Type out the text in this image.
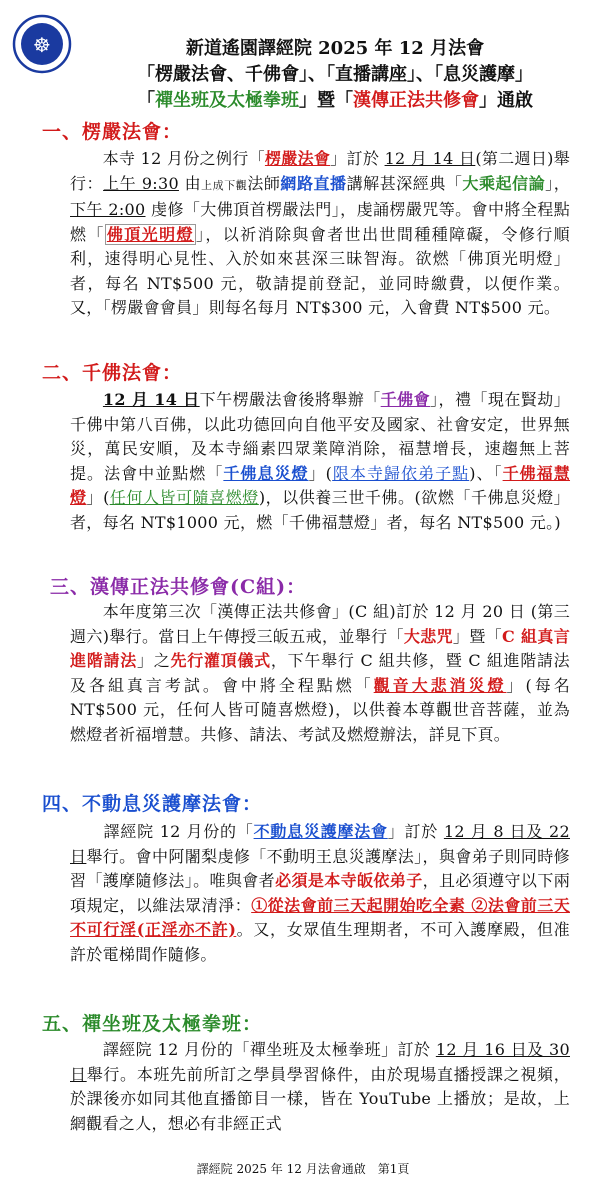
☸	新道遙園譯經院 2025 年 12 月法會
「楞嚴法會、千佛會」、「直播講座」、「息災護摩」
「禪坐班及太極拳班」暨「漢傳正法共修會」通啟
一、楞嚴法會：
　　本寺 12 月份之例行「楞嚴法會」訂於 12 月 14 日(第二週日)舉行：上午 9:30 由上成下觀法師網路直播講解甚深經典「大乘起信論」，下午 2:00 虔修「大佛頂首楞嚴法門」，虔誦楞嚴咒等。會中將全程點燃「 佛頂光明燈 」，以祈消除與會者世出世間種種障礙，令修行順利，速得明心見性、入於如來甚深三昧智海。欲燃「佛頂光明燈」者，每名 NT$500 元，敬請提前登記，並同時繳費，以便作業。又，「楞嚴會會員」則每名每月 NT$300 元，入會費 NT$500 元。
二、千佛法會：
　　12 月 14 日下午楞嚴法會後將舉辦「千佛會」，禮「現在賢劫」千佛中第八百佛，以此功德回向自他平安及國家、社會安定，世界無災，萬民安順，及本寺緇素四眾業障消除，福慧增長，速趨無上菩提。法會中並點燃「千佛息災燈」(限本寺歸依弟子點)、「千佛福慧燈」(任何人皆可隨喜燃燈)，以供養三世千佛。(欲燃「千佛息災燈」者，每名 NT$1000 元，燃「千佛福慧燈」者，每名 NT$500 元。)
三、漢傳正法共修會(C組)：
　　本年度第三次「漢傳正法共修會」(C 組)訂於 12 月 20 日 (第三週六)舉行。當日上午傳授三皈五戒，並舉行「大悲咒」暨「C 組真言進階請法」之先行灌頂儀式，下午舉行 C 組共修，暨 C 組進階請法及各組真言考試。會中將全程點燃「觀音大悲消災燈」(每名 NT$500 元，任何人皆可隨喜燃燈)，以供養本尊觀世音菩薩，並為燃燈者祈福增慧。共修、請法、考試及燃燈辦法，詳見下頁。
四、不動息災護摩法會：
　　譯經院 12 月份的「不動息災護摩法會」訂於 12 月 8 日及 22 日舉行。會中阿闍梨虔修「不動明王息災護摩法」，與會弟子則同時修習「護摩隨修法」。唯與會者必須是本寺皈依弟子，且必須遵守以下兩項規定，以維法眾清淨：①從法會前三天起開始吃全素 ②法會前三天不可行淫(正淫亦不許)。又，女眾值生理期者，不可入護摩殿，但准許於電梯間作隨修。
五、禪坐班及太極拳班：
　　譯經院 12 月份的「禪坐班及太極拳班」訂於 12 月 16 日及 30 日舉行。本班先前所訂之學員學習條件，由於現場直播授課之視頻，於課後亦如同其他直播節目一樣，皆在 YouTube 上播放；是故，上網觀看之人，想必有非經正式
譯經院 2025 年 12 月法會通啟　第1頁
